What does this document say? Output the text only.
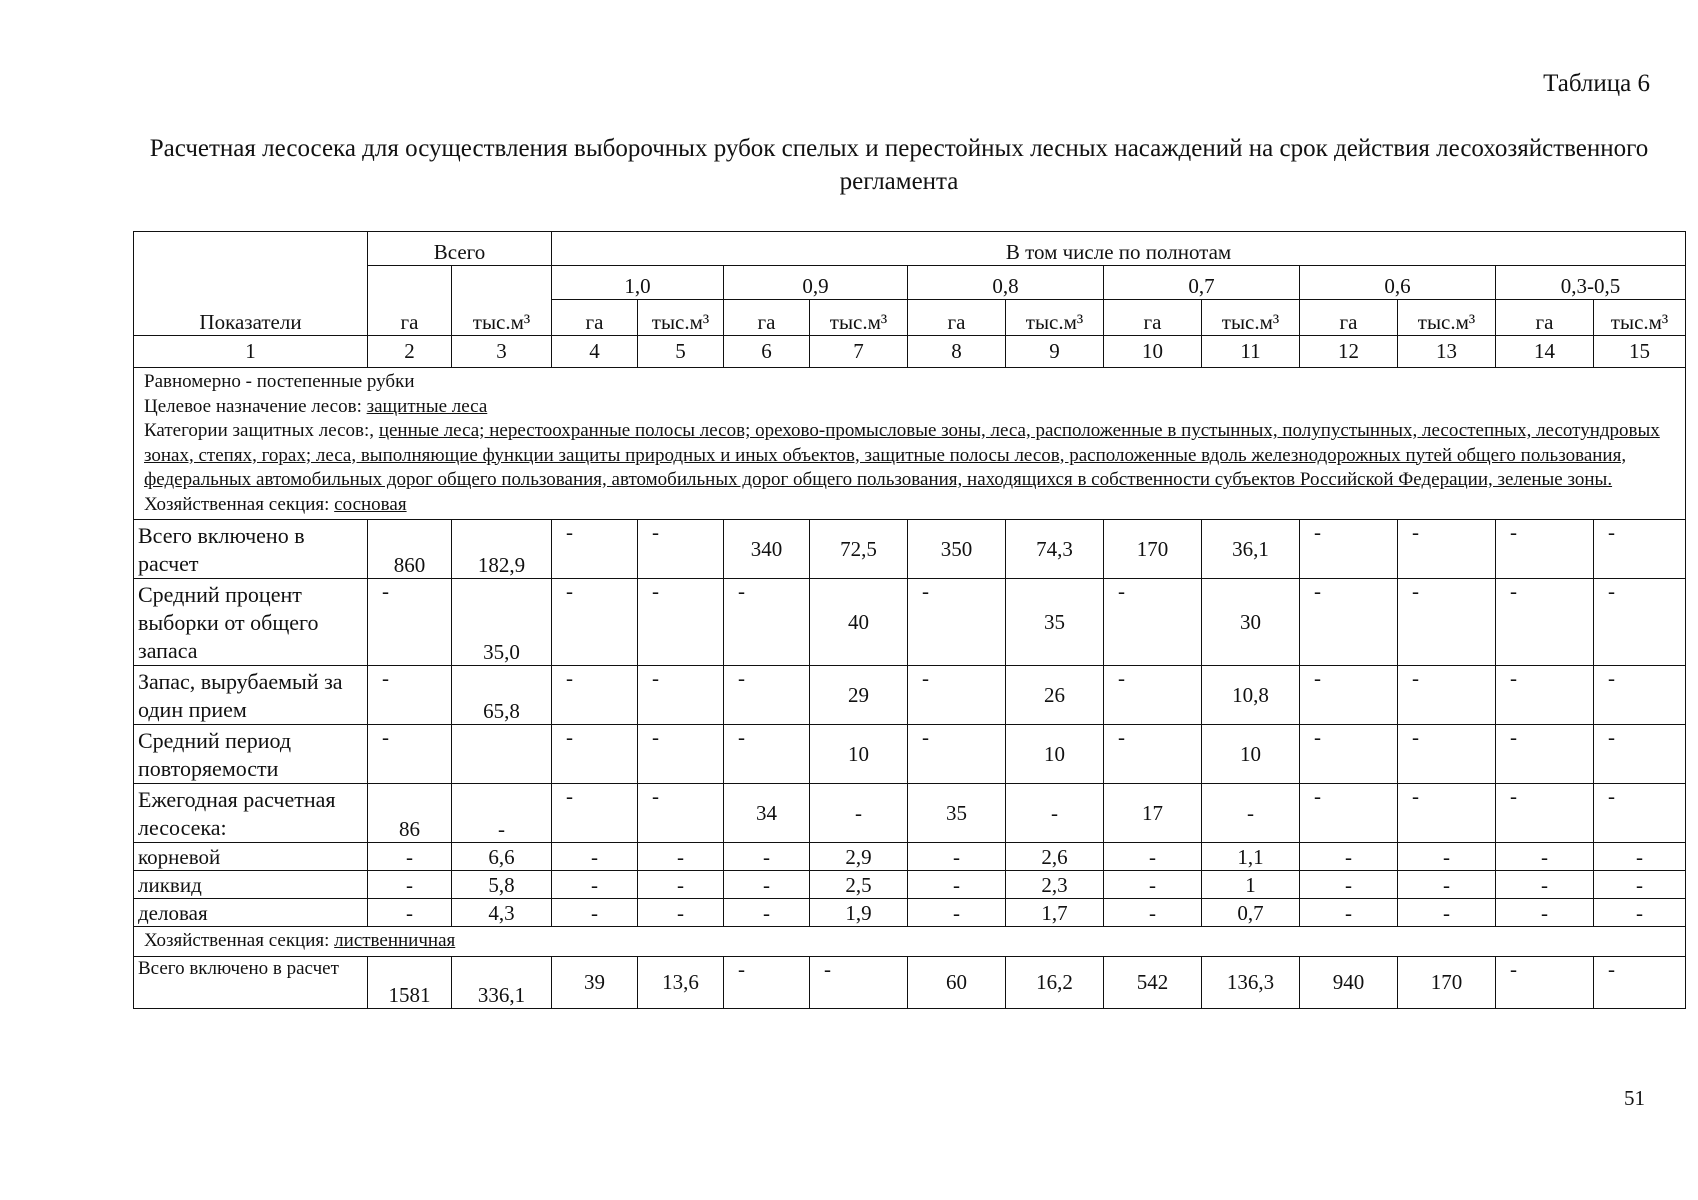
Таблица 6
Расчетная лесосека для осуществления выборочных рубок спелых и перестойных лесных насаждений на срок действия лесохозяйственного регламента
Показатели	Всего		В том числе по полнотам											
	га	тыс.м³	1,0		0,9		0,8		0,7		0,6		0,3-0,5	
			га	тыс.м³	га	тыс.м³	га	тыс.м³	га	тыс.м³	га	тыс.м³	га	тыс.м³
1	2	3	4	5	6	7	8	9	10	11	12	13	14	15

Равномерно - постепенные рубки
Целевое назначение лесов: защитные леса
Категории защитных лесов:, ценные леса; нерестоохранные полосы лесов; орехово-промысловые зоны, леса, расположенные в пустынных, полупустынных, лесостепных, лесотундровых зонах, степях, горах; леса, выполняющие функции защиты природных и иных объектов, защитные полосы лесов, расположенные вдоль железнодорожных путей общего пользования, федеральных автомобильных дорог общего пользования, автомобильных дорог общего пользования, находящихся в собственности субъектов Российской Федерации, зеленые зоны.
Хозяйственная секция: сосновая														

Всего включено в расчет	860	182,9	-	-	340	72,5	350	74,3	170	36,1	-	-	-	-
Средний процент выборки от общего запаса	-	35,0	-	-	-	40	-	35	-	30	-	-	-	-
Запас, вырубаемый за один прием	-	65,8	-	-	-	29	-	26	-	10,8	-	-	-	-
Средний период повторяемости	-		-	-	-	10	-	10	-	10	-	-	-	-
Ежегодная расчетная лесосека:	86	-	-	-	34	-	35	-	17	-	-	-	-	-
корневой	-	6,6	-	-	-	2,9	-	2,6	-	1,1	-	-	-	-
ликвид	-	5,8	-	-	-	2,5	-	2,3	-	1	-	-	-	-
деловая	-	4,3	-	-	-	1,9	-	1,7	-	0,7	-	-	-	-
Хозяйственная секция: лиственничная														
Всего включено в расчет	1581	336,1	39	13,6	-	-	60	16,2	542	136,3	940	170	-	-
51
